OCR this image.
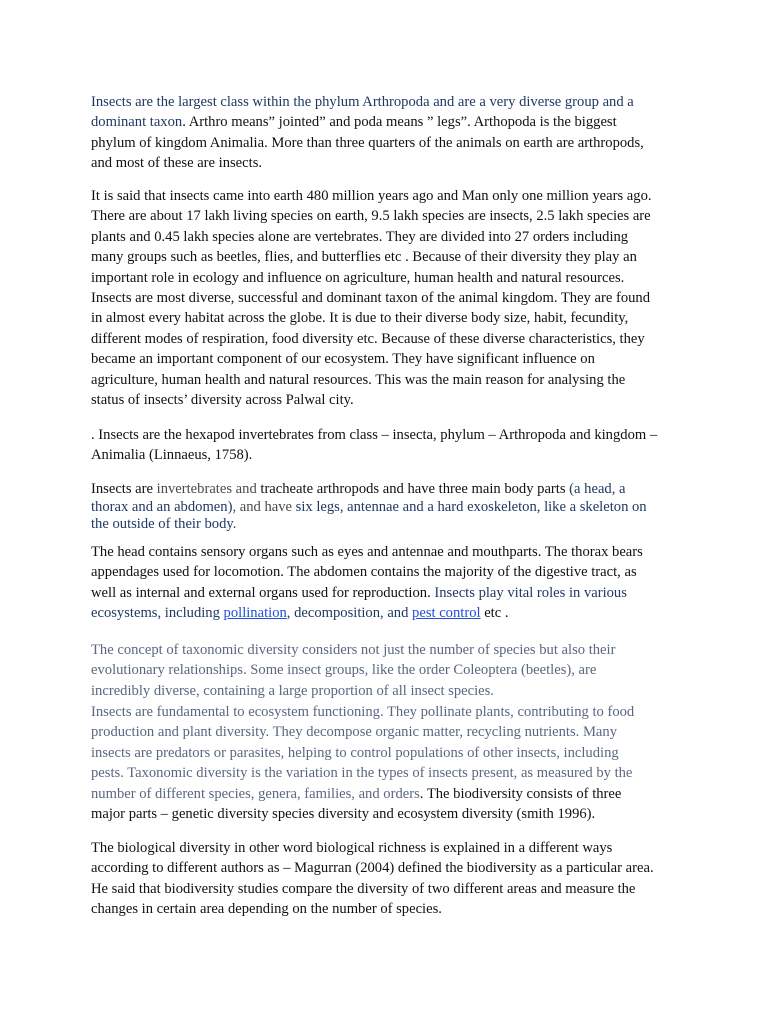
Insects are the largest class within the phylum Arthropoda and are a very diverse group and a
dominant taxon. Arthro means” jointed” and poda means ” legs”. Arthopoda is the biggest
phylum of kingdom Animalia. More than three quarters of the animals on earth are arthropods,
and most of these are insects.

It is said that insects came into earth 480 million years ago and Man only one million years ago.
There are about 17 lakh living species on earth, 9.5 lakh species are insects, 2.5 lakh species are
plants and 0.45 lakh species alone are vertebrates. They are divided into 27 orders including
many groups such as beetles, flies, and butterflies etc . Because of their diversity they play an
important role in ecology and influence on agriculture, human health and natural resources.
Insects are most diverse, successful and dominant taxon of the animal kingdom. They are found
in almost every habitat across the globe. It is due to their diverse body size, habit, fecundity,
different modes of respiration, food diversity etc. Because of these diverse characteristics, they
became an important component of our ecosystem. They have significant influence on
agriculture, human health and natural resources. This was the main reason for analysing the
status of insects’ diversity across Palwal city.

. Insects are the hexapod invertebrates from class – insecta, phylum – Arthropoda and kingdom –
Animalia (Linnaeus, 1758).

Insects are invertebrates and tracheate arthropods and have three main body parts (a head, a
thorax and an abdomen), and have six legs, antennae and a hard exoskeleton, like a skeleton on
the outside of their body.

The head contains sensory organs such as eyes and antennae and mouthparts. The thorax bears
appendages used for locomotion. The abdomen contains the majority of the digestive tract, as
well as internal and external organs used for reproduction. Insects play vital roles in various
ecosystems, including pollination, decomposition, and pest control etc .

The concept of taxonomic diversity considers not just the number of species but also their
evolutionary relationships. Some insect groups, like the order Coleoptera (beetles), are
incredibly diverse, containing a large proportion of all insect species.

Insects are fundamental to ecosystem functioning. They pollinate plants, contributing to food
production and plant diversity. They decompose organic matter, recycling nutrients. Many
insects are predators or parasites, helping to control populations of other insects, including
pests. Taxonomic diversity is the variation in the types of insects present, as measured by the
number of different species, genera, families, and orders. The biodiversity consists of three
major parts – genetic diversity species diversity and ecosystem diversity (smith 1996).

The biological diversity in other word biological richness is explained in a different ways
according to different authors as – Magurran (2004) defined the biodiversity as a particular area.
He said that biodiversity studies compare the diversity of two different areas and measure the
changes in certain area depending on the number of species.
